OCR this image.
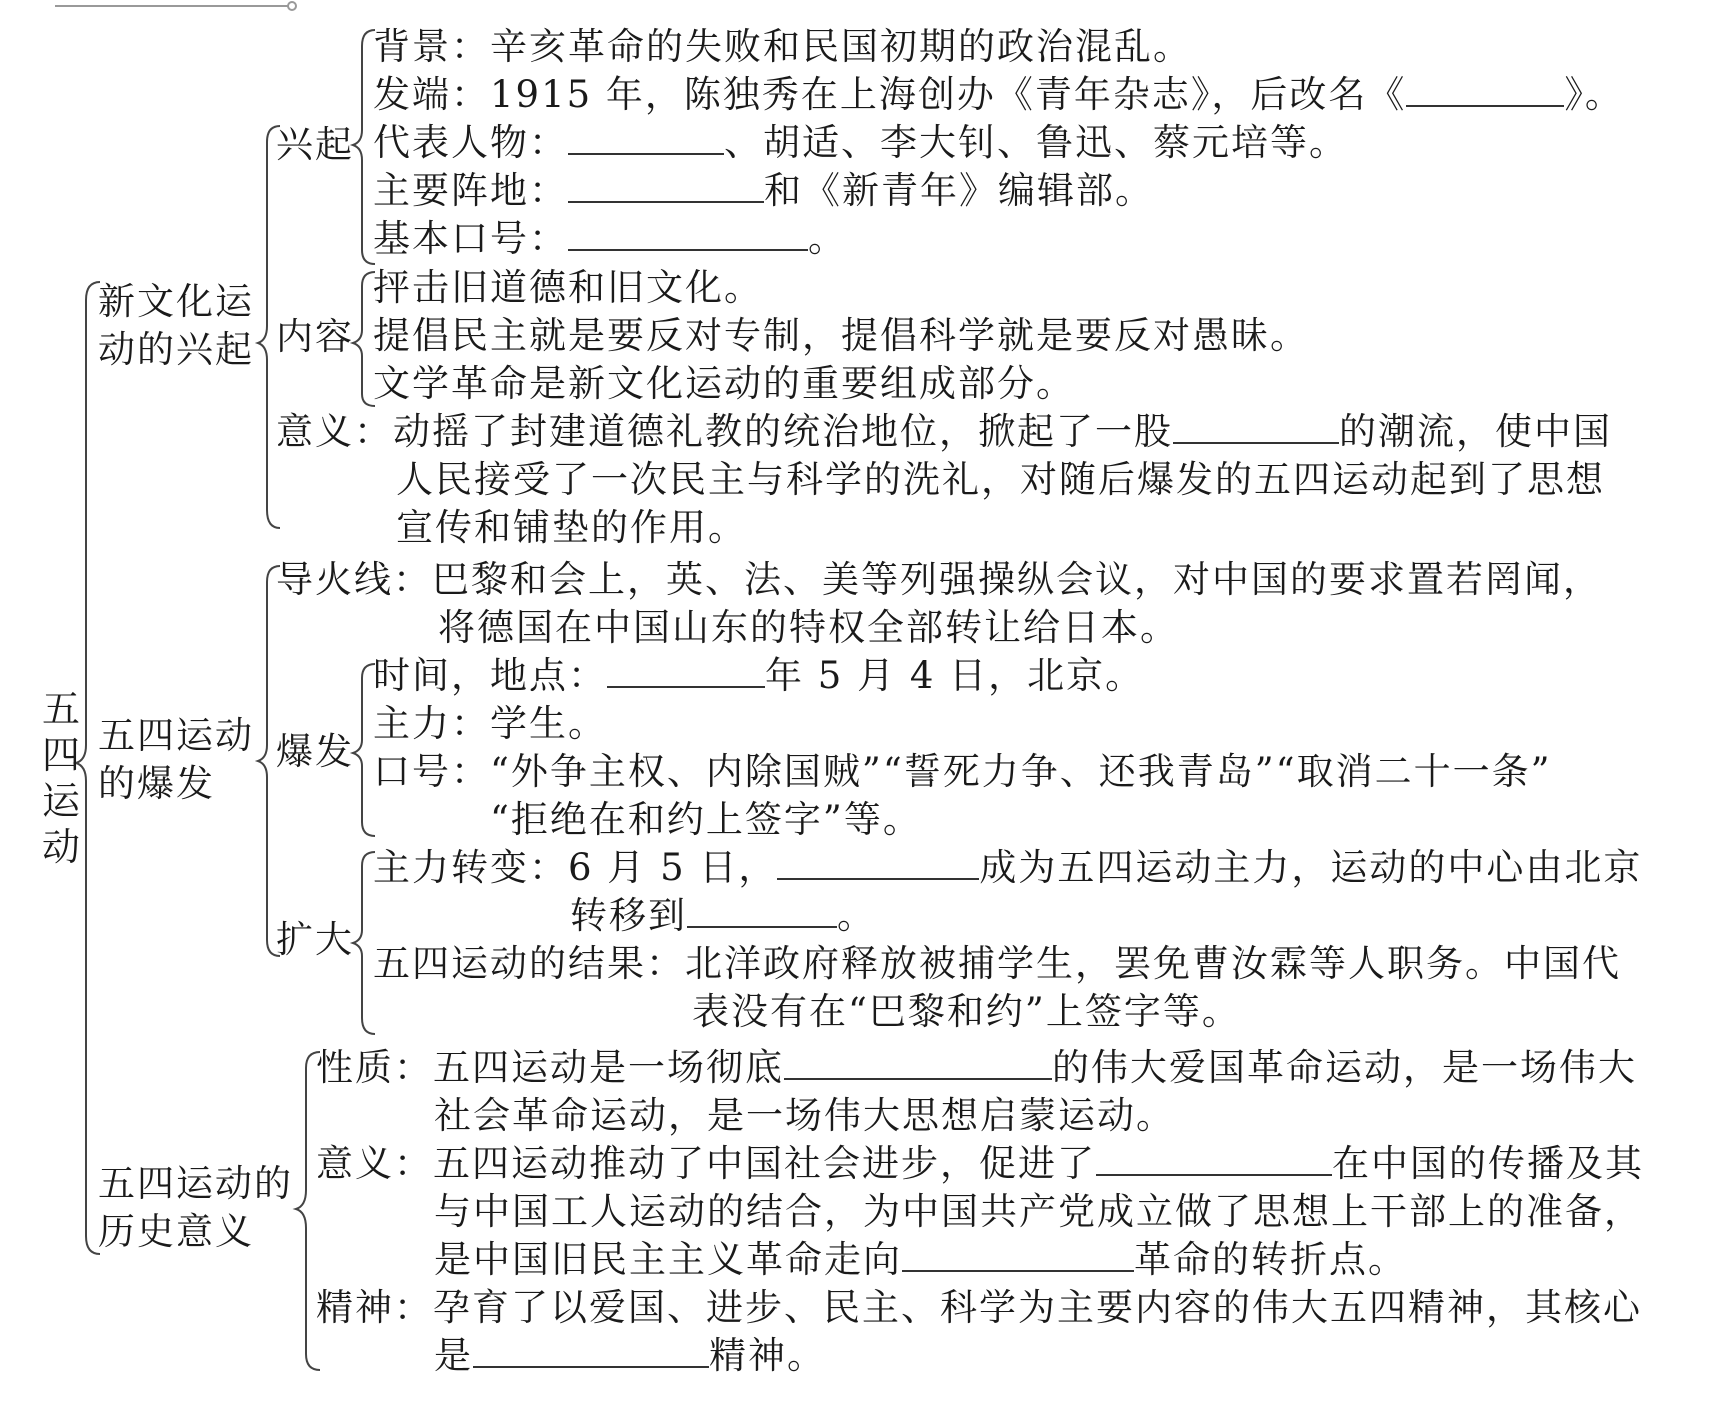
五
四
运
动
新文化运
动的兴起
兴起
背景：辛亥革命的失败和民国初期的政治混乱。
发端：1915 年，陈独秀在上海创办《青年杂志》，后改名《	》。
代表人物：	、胡适、李大钊、鲁迅、蔡元培等。
主要阵地：	和《新青年》编辑部。
基本口号：	。
内容
抨击旧道德和旧文化。
提倡民主就是要反对专制，提倡科学就是要反对愚昧。
文学革命是新文化运动的重要组成部分。
意义：动摇了封建道德礼教的统治地位，掀起了一股	的潮流，使中国
人民接受了一次民主与科学的洗礼，对随后爆发的五四运动起到了思想
宣传和铺垫的作用。
五四运动
的爆发
导火线：巴黎和会上，英、法、美等列强操纵会议，对中国的要求置若罔闻，
将德国在中国山东的特权全部转让给日本。
爆发
时间，地点：	年 5 月 4 日，北京。
主力：学生。
口号：“外争主权、内除国贼”“誓死力争、还我青岛”“取消二十一条”
“拒绝在和约上签字”等。
扩大
主力转变：6 月 5 日，	成为五四运动主力，运动的中心由北京
转移到	。
五四运动的结果：北洋政府释放被捕学生，罢免曹汝霖等人职务。中国代
表没有在“巴黎和约”上签字等。
五四运动的
历史意义
性质：五四运动是一场彻底	的伟大爱国革命运动，是一场伟大
社会革命运动，是一场伟大思想启蒙运动。
意义：五四运动推动了中国社会进步，促进了	在中国的传播及其
与中国工人运动的结合，为中国共产党成立做了思想上干部上的准备，
是中国旧民主主义革命走向	革命的转折点。
精神：孕育了以爱国、进步、民主、科学为主要内容的伟大五四精神，其核心
是	精神。
